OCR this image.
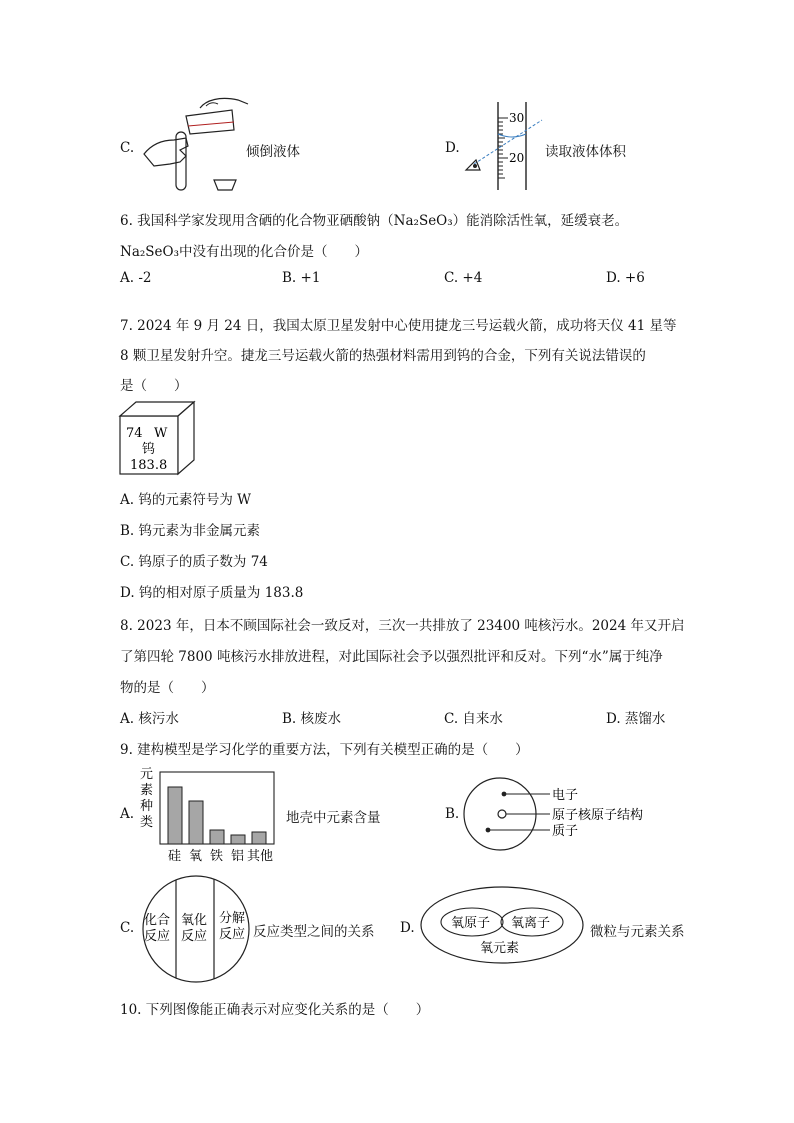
C.	倾倒液体	D.
30
20 读取液体体积
6. 我国科学家发现用含硒的化合物亚硒酸钠（Na₂SeO₃）能消除活性氧，延缓衰老。
Na₂SeO₃中没有出现的化合价是（　　）
A. -2	B. +1	C. +4	D. +6
7. 2024 年 9 月 24 日，我国太原卫星发射中心使用捷龙三号运载火箭，成功将天仪 41 星等
8 颗卫星发射升空。捷龙三号运载火箭的热强材料需用到钨的合金，下列有关说法错误的
是（　　）
74 W
钨
183.8
A. 钨的元素符号为 W
B. 钨元素为非金属元素
C. 钨原子的质子数为 74
D. 钨的相对原子质量为 183.8
8. 2023 年，日本不顾国际社会一致反对，三次一共排放了 23400 吨核污水。2024 年又开启
了第四轮 7800 吨核污水排放进程，对此国际社会予以强烈批评和反对。下列“水”属于纯净
物的是（　　）
A. 核污水	B. 核废水	C. 自来水	D. 蒸馏水
9. 建构模型是学习化学的重要方法，下列有关模型正确的是（　　）
A.
元
素
种
类
硅 氧 铁 铝 其他
地壳中元素含量	B.
电子
原子核原子结构
质子
C. 化合
反应
氧化
反应
分解
反应 反应类型之间的关系 D.	氧原子 氧离子
氧元素
微粒与元素关系
10. 下列图像能正确表示对应变化关系的是（　　）
